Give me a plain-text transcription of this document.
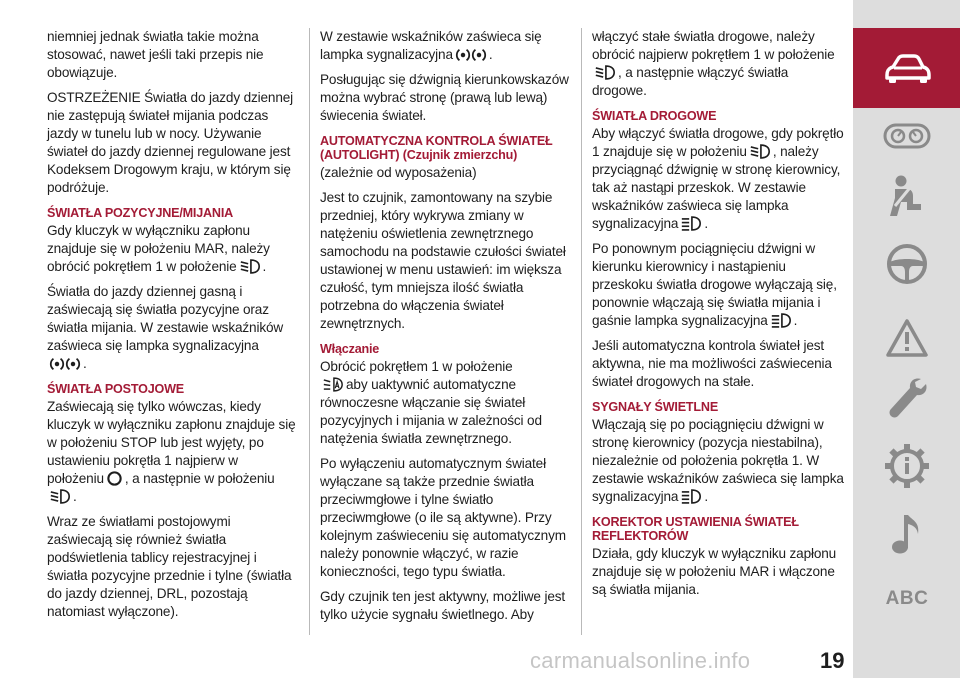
niemniej jednak światła takie można stosować, nawet jeśli taki przepis nie obowiązuje.

OSTRZEŻENIE Światła do jazdy dziennej nie zastępują świateł mijania podczas jazdy w tunelu lub w nocy. Używanie świateł do jazdy dziennej regulowane jest Kodeksem Drogowym kraju, w którym się podróżuje.

ŚWIATŁA POZYCYJNE/MIJANIA

Gdy kluczyk w wyłączniku zapłonu znajduje się w położeniu MAR, należy obrócić pokrętłem 1 w położenie .

Światła do jazdy dziennej gasną i zaświecają się światła pozycyjne oraz światła mijania. W zestawie wskaźników zaświeca się lampka sygnalizacyjna

.

ŚWIATŁA POSTOJOWE

Zaświecają się tylko wówczas, kiedy kluczyk w wyłączniku zapłonu znajduje się w położeniu STOP lub jest wyjęty, po ustawieniu pokrętła 1 najpierw w położeniu , a następnie w położeniu

.

Wraz ze światłami postojowymi zaświecają się również światła podświetlenia tablicy rejestracyjnej i światła pozycyjne przednie i tylne (światła do jazdy dziennej, DRL, pozostają natomiast wyłączone).

W zestawie wskaźników zaświeca się lampka sygnalizacyjna	.

Posługując się dźwignią kierunkowskazów można wybrać stronę (prawą lub lewą) świecenia świateł.

AUTOMATYCZNA KONTROLA ŚWIATEŁ (AUTOLIGHT) (Czujnik zmierzchu)

(zależnie od wyposażenia)

Jest to czujnik, zamontowany na szybie przedniej, który wykrywa zmiany w natężeniu oświetlenia zewnętrznego samochodu na podstawie czułości świateł ustawionej w menu ustawień: im większa czułość, tym mniejsza ilość światła potrzebna do włączenia świateł zewnętrznych.

Włączanie

Obrócić pokrętłem 1 w położenie

aby uaktywnić automatyczne równoczesne włączanie się świateł pozycyjnych i mijania w zależności od natężenia światła zewnętrznego.

Po wyłączeniu automatycznym świateł wyłączane są także przednie światła przeciwmgłowe i tylne światło przeciwmgłowe (o ile są aktywne). Przy kolejnym zaświeceniu się automatycznym należy ponownie włączyć, w razie konieczności, tego typu światła.

Gdy czujnik ten jest aktywny, możliwe jest tylko użycie sygnału świetlnego. Aby

włączyć stałe światła drogowe, należy obrócić najpierw pokrętłem 1 w położenie
, a następnie włączyć światła drogowe.

ŚWIATŁA DROGOWE

Aby włączyć światła drogowe, gdy pokrętło 1 znajduje się w położeniu , należy przyciągnąć dźwignię w stronę kierownicy, tak aż nastąpi przeskok. W zestawie wskaźników zaświeca się lampka sygnalizacyjna .

Po ponownym pociągnięciu dźwigni w kierunku kierownicy i nastąpieniu przeskoku światła drogowe wyłączają się, ponownie włączają się światła mijania i gaśnie lampka sygnalizacyjna .

Jeśli automatyczna kontrola świateł jest aktywna, nie ma możliwości zaświecenia świateł drogowych na stałe.

SYGNAŁY ŚWIETLNE

Włączają się po pociągnięciu dźwigni w stronę kierownicy (pozycja niestabilna), niezależnie od położenia pokrętła 1. W zestawie wskaźników zaświeca się lampka sygnalizacyjna .

KOREKTOR USTAWIENIA ŚWIATEŁ REFLEKTORÓW

Działa, gdy kluczyk w wyłączniku zapłonu znajduje się w położeniu MAR i włączone są światła mijania.	ABC
carmanualsonline.info	19
